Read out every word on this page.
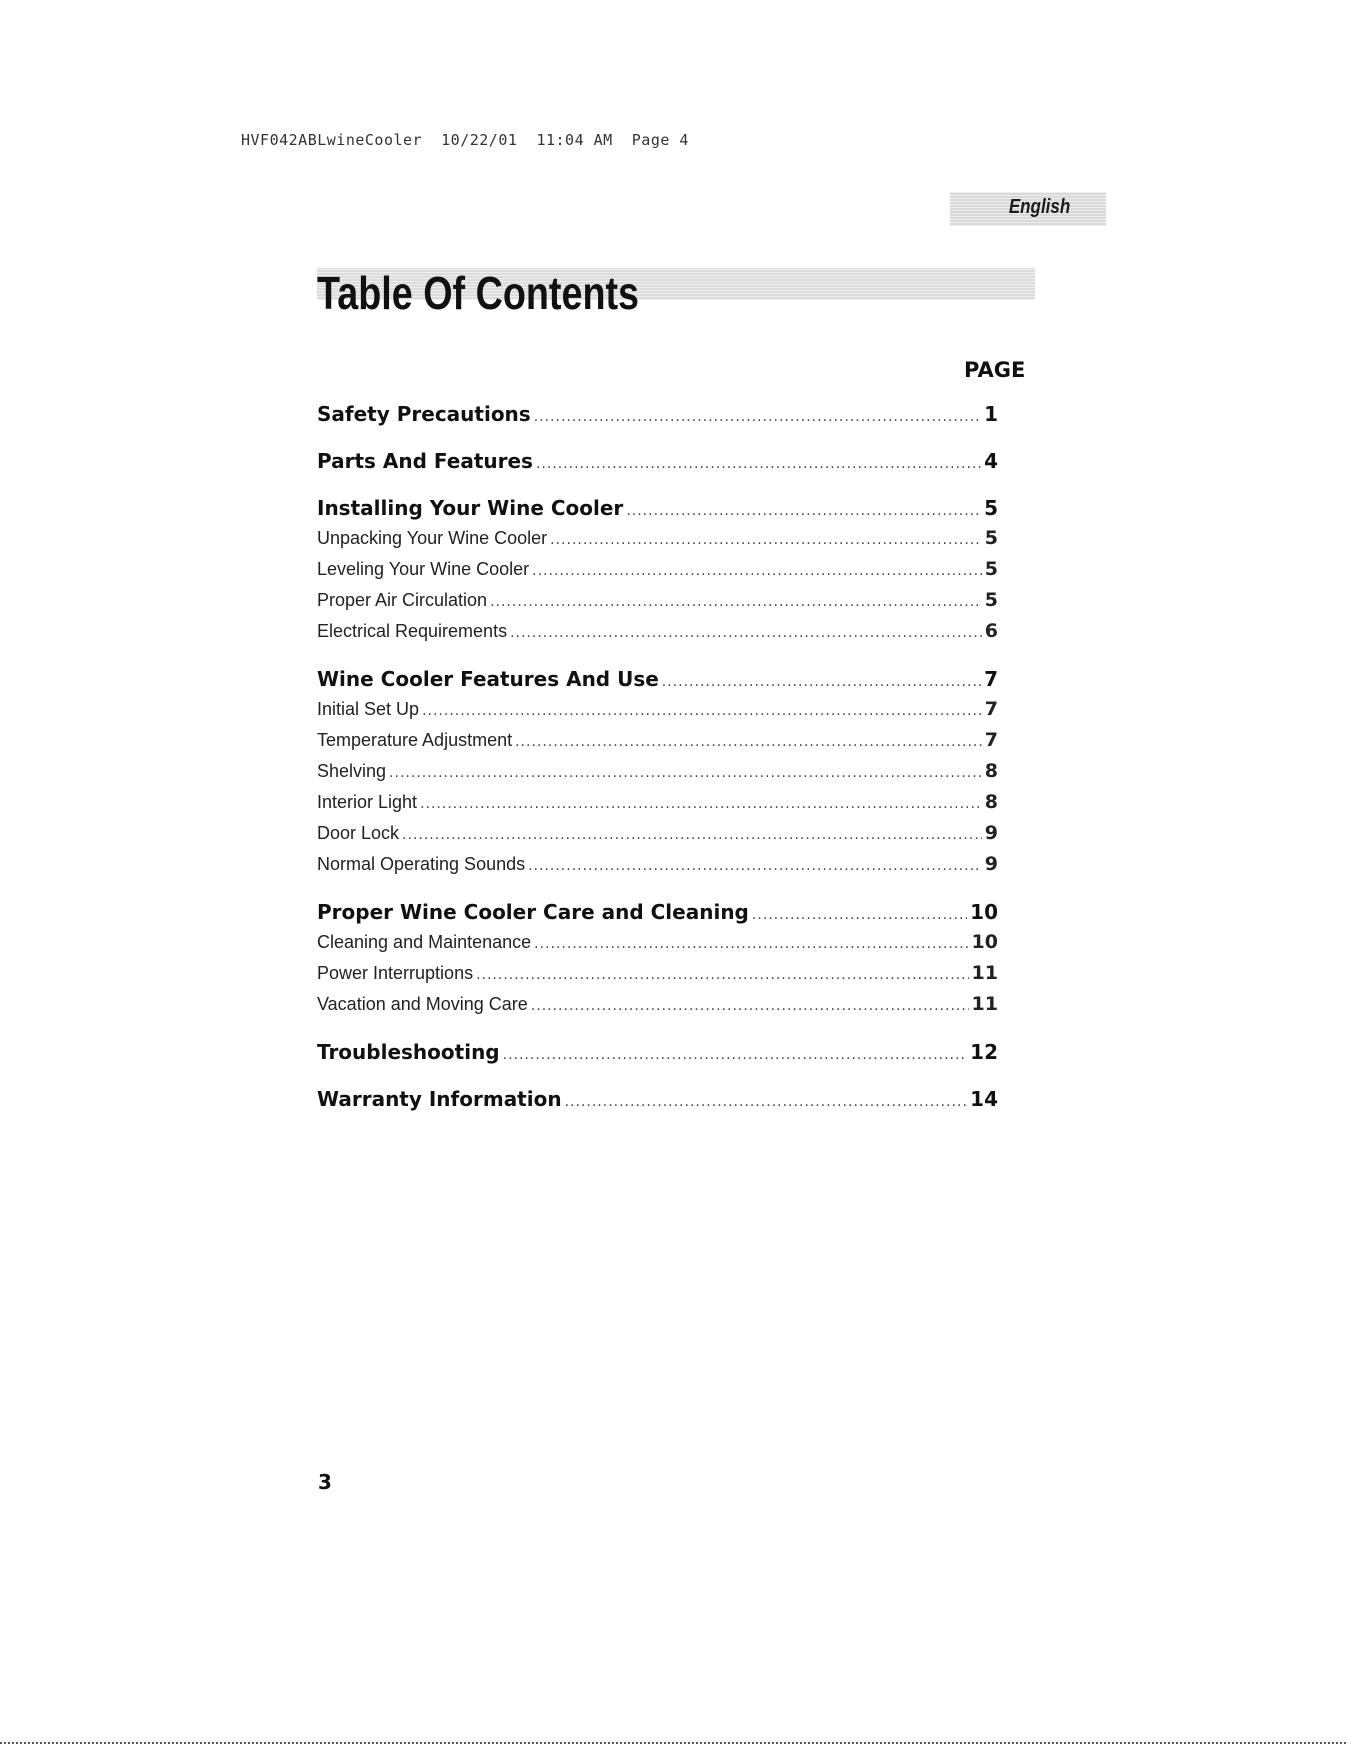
HVF042ABLwineCooler  10/22/01  11:04 AM  Page 4
English
Table Of Contents
PAGE
Safety Precautions .....	1
Parts And Features .....	4
Installing Your Wine Cooler .....	5
Unpacking Your Wine Cooler .....	5
Leveling Your Wine Cooler .....	5
Proper Air Circulation .....	5
Electrical Requirements .....	6
Wine Cooler Features And Use .....	7
Initial Set Up .....	7
Temperature Adjustment .....	7
Shelving .....	8
Interior Light .....	8
Door Lock .....	9
Normal Operating Sounds .....	9
Proper Wine Cooler Care and Cleaning .....	10
Cleaning and Maintenance .....	10
Power Interruptions .....	11
Vacation and Moving Care .....	11
Troubleshooting .....	12
Warranty Information .....	14
3
